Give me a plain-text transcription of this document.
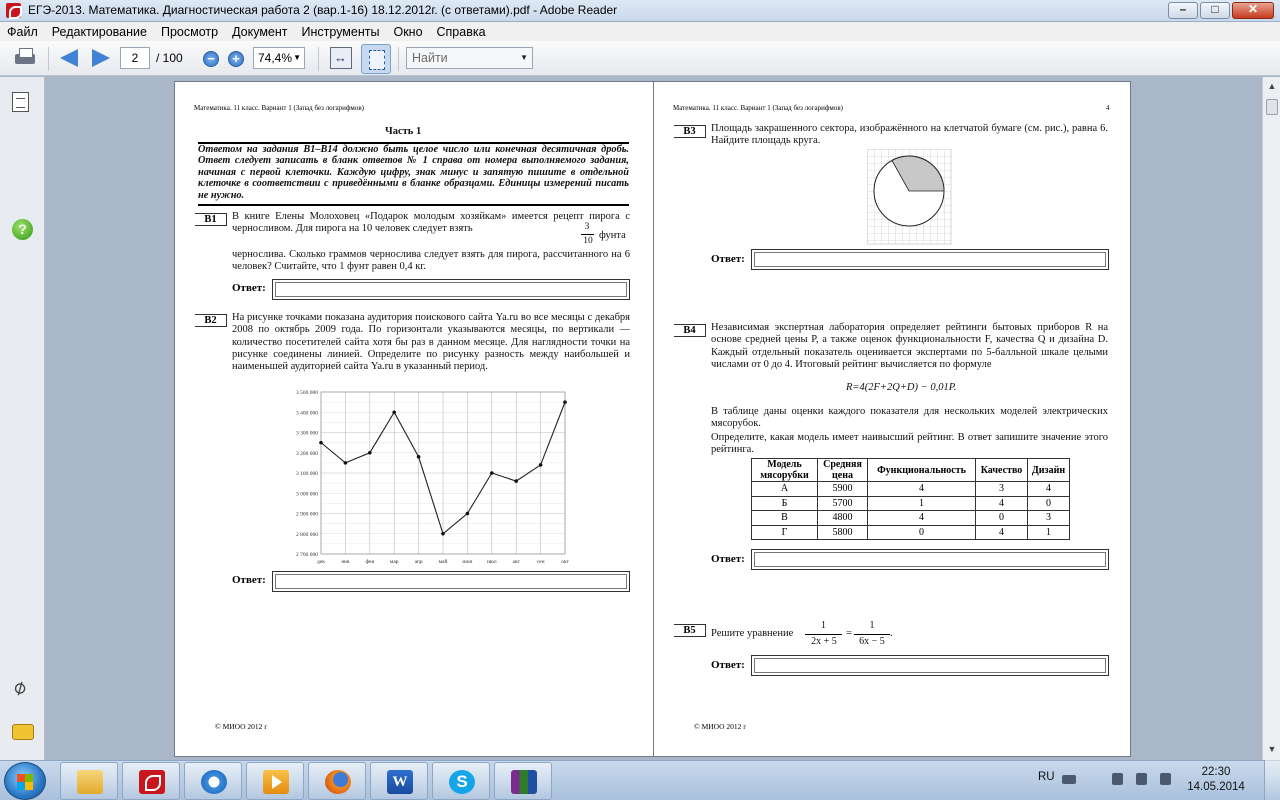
ЕГЭ-2013. Математика. Диагностическая работа 2 (вар.1-16) 18.12.2012г. (с ответами).pdf - Adobe Reader	–	□	✕
Файл	Редактирование	Просмотр	Документ	Инструменты	Окно	Справка
−	+
↔
2	/ 100	74,4% ▼	Найти	▼
?
⌀
Математика. 11 класс. Вариант 1 (Запад без логарифмов)
Часть 1
Ответом на задания B1–B14 должно быть целое число или конечная десятичная дробь. Ответ следует записать в бланк ответов № 1 справа от номера выполняемого задания, начиная с первой клеточки. Каждую цифру, знак минус и запятую пишите в отдельной клеточке в соответствии с приведёнными в бланке образцами. Единицы измерений писать не нужно.
В1	В книге Елены Молоховец «Подарок молодым хозяйкам» имеется рецепт пирога с черносливом. Для пирога на 10 человек следует взять	3
10 фунта
чернослива. Сколько граммов чернослива следует взять для пирога, рассчитанного на 6 человек? Считайте, что 1 фунт равен 0,4 кг.
Ответ:
В2	На рисунке точками показана аудитория поискового сайта Ya.ru во все месяцы с декабря 2008 по октябрь 2009 года. По горизонтали указываются месяцы, по вертикали — количество посетителей сайта хотя бы раз в данном месяце. Для наглядности точки на рисунке соединены линией. Определите по рисунку разность между наибольшей и наименьшей аудиторией сайта Ya.ru в указанный период.
3 500 000
3 400 000
3 300 000
3 200 000
3 100 000
3 000 000
2 900 000
2 800 000
2 700 000
дек	янв	фев	мар	апр	май	июн	июл	авг	сен	окт
Ответ:
© МИОО 2012 г
Математика. 11 класс. Вариант 1 (Запад без логарифмов)	4
В3	Площадь закрашенного сектора, изображённого на клетчатой бумаге (см. рис.), равна 6. Найдите площадь круга.
Ответ:
В4	Независимая экспертная лаборатория определяет рейтинги бытовых приборов R на основе средней цены P, а также оценок функциональности F, качества Q и дизайна D. Каждый отдельный показатель оценивается экспертами по 5-балльной шкале целыми числами от 0 до 4. Итоговый рейтинг вычисляется по формуле
R=4(2F+2Q+D) − 0,01P.
В таблице даны оценки каждого показателя для нескольких моделей электрических мясорубок.
Определите, какая модель имеет наивысший рейтинг. В ответ запишите значение этого рейтинга.
Модель мясорубки	Средняя цена	Функциональность	Качество	Дизайн
А	5900	4	3	4
Б	5700	1	4	0
В	4800	4	0	3
Г	5800	0	4	1
Ответ:
В5	Решите уравнение
1
2x + 5
=
1
6x − 5
.
Ответ:
© МИОО 2012 г
▲
▼
W	S	RU	22:30
14.05.2014
